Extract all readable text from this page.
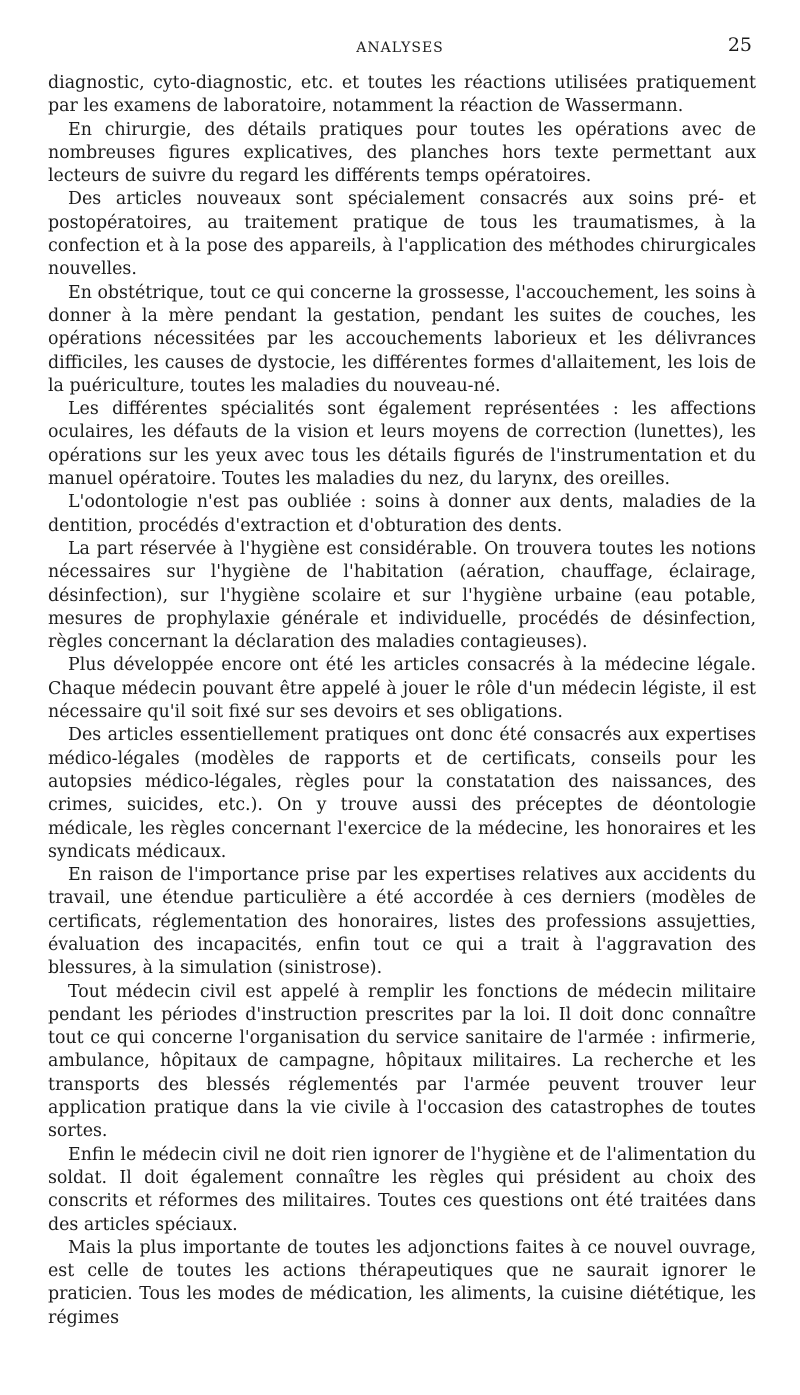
ANALYSES	25

diagnostic, cyto-diagnostic, etc. et toutes les réactions utilisées pratiquement par les examens de laboratoire, notamment la réaction de Wassermann.

En chirurgie, des détails pratiques pour toutes les opérations avec de nombreuses figures explicatives, des planches hors texte permettant aux lecteurs de suivre du regard les différents temps opératoires.

Des articles nouveaux sont spécialement consacrés aux soins pré- et postopératoires, au traitement pratique de tous les traumatismes, à la confection et à la pose des appareils, à l'application des méthodes chirurgicales nouvelles.

En obstétrique, tout ce qui concerne la grossesse, l'accouchement, les soins à donner à la mère pendant la gestation, pendant les suites de couches, les opérations nécessitées par les accouchements laborieux et les délivrances difficiles, les causes de dystocie, les différentes formes d'allaitement, les lois de la puériculture, toutes les maladies du nouveau-né.

Les différentes spécialités sont également représentées : les affections oculaires, les défauts de la vision et leurs moyens de correction (lunettes), les opérations sur les yeux avec tous les détails figurés de l'instrumentation et du manuel opératoire. Toutes les maladies du nez, du larynx, des oreilles.

L'odontologie n'est pas oubliée : soins à donner aux dents, maladies de la dentition, procédés d'extraction et d'obturation des dents.

La part réservée à l'hygiène est considérable. On trouvera toutes les notions nécessaires sur l'hygiène de l'habitation (aération, chauffage, éclairage, désinfection), sur l'hygiène scolaire et sur l'hygiène urbaine (eau potable, mesures de prophylaxie générale et individuelle, procédés de désinfection, règles concernant la déclaration des maladies contagieuses).

Plus développée encore ont été les articles consacrés à la médecine légale. Chaque médecin pouvant être appelé à jouer le rôle d'un médecin légiste, il est nécessaire qu'il soit fixé sur ses devoirs et ses obligations.

Des articles essentiellement pratiques ont donc été consacrés aux expertises médico-légales (modèles de rapports et de certificats, conseils pour les autopsies médico-légales, règles pour la constatation des naissances, des crimes, suicides, etc.). On y trouve aussi des préceptes de déontologie médicale, les règles concernant l'exercice de la médecine, les honoraires et les syndicats médicaux.

En raison de l'importance prise par les expertises relatives aux accidents du travail, une étendue particulière a été accordée à ces derniers (modèles de certificats, réglementation des honoraires, listes des professions assujetties, évaluation des incapacités, enfin tout ce qui a trait à l'aggravation des blessures, à la simulation (sinistrose).

Tout médecin civil est appelé à remplir les fonctions de médecin militaire pendant les périodes d'instruction prescrites par la loi. Il doit donc connaître tout ce qui concerne l'organisation du service sanitaire de l'armée : infirmerie, ambulance, hôpitaux de campagne, hôpitaux militaires. La recherche et les transports des blessés réglementés par l'armée peuvent trouver leur application pratique dans la vie civile à l'occasion des catastrophes de toutes sortes.

Enfin le médecin civil ne doit rien ignorer de l'hygiène et de l'alimentation du soldat. Il doit également connaître les règles qui président au choix des conscrits et réformes des militaires. Toutes ces questions ont été traitées dans des articles spéciaux.

Mais la plus importante de toutes les adjonctions faites à ce nouvel ouvrage, est celle de toutes les actions thérapeutiques que ne saurait ignorer le praticien. Tous les modes de médication, les aliments, la cuisine diététique, les régimes
